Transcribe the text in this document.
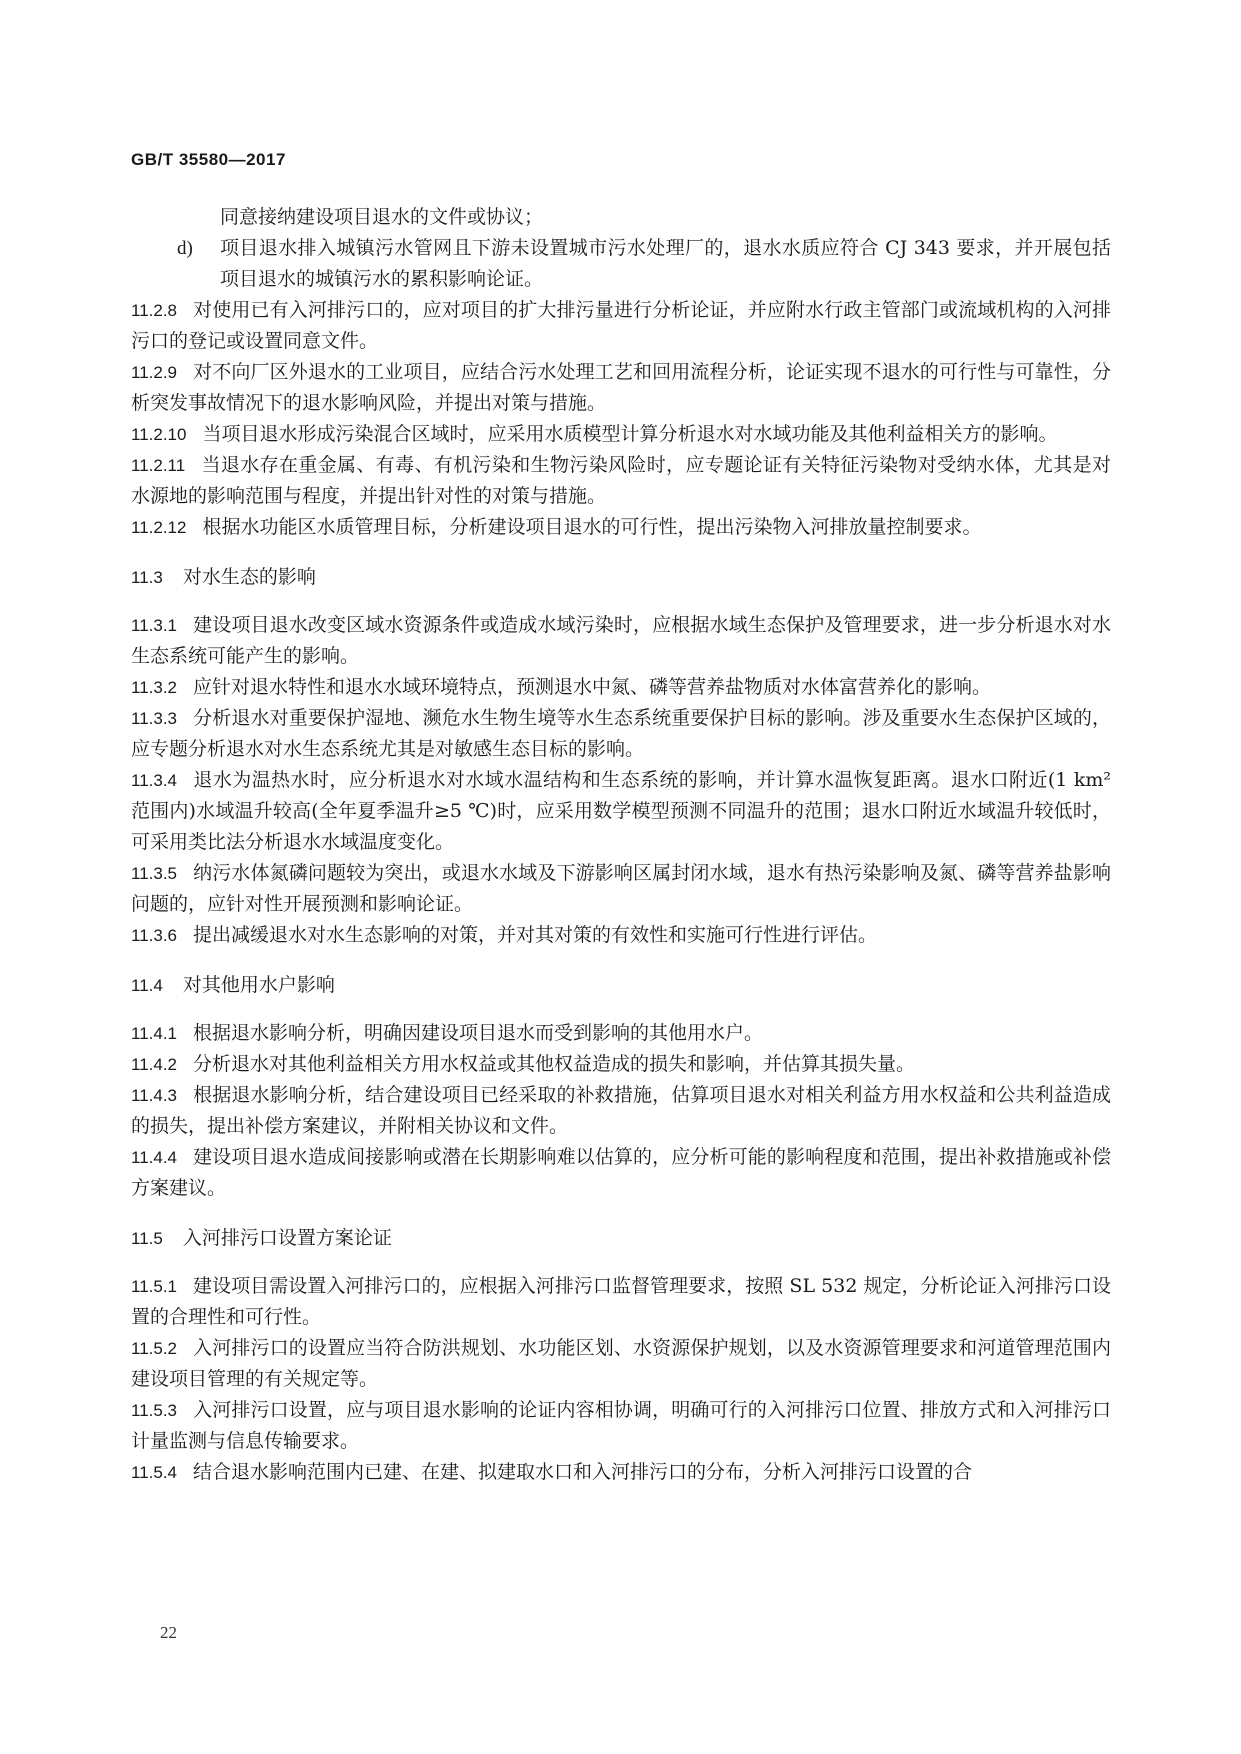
GB/T 35580—2017

同意接纳建设项目退水的文件或协议；

d) 项目退水排入城镇污水管网且下游未设置城市污水处理厂的，退水水质应符合 CJ 343 要求，并开展包括项目退水的城镇污水的累积影响论证。

11.2.8 对使用已有入河排污口的，应对项目的扩大排污量进行分析论证，并应附水行政主管部门或流域机构的入河排污口的登记或设置同意文件。

11.2.9 对不向厂区外退水的工业项目，应结合污水处理工艺和回用流程分析，论证实现不退水的可行性与可靠性，分析突发事故情况下的退水影响风险，并提出对策与措施。

11.2.10 当项目退水形成污染混合区域时，应采用水质模型计算分析退水对水域功能及其他利益相关方的影响。

11.2.11 当退水存在重金属、有毒、有机污染和生物污染风险时，应专题论证有关特征污染物对受纳水体，尤其是对水源地的影响范围与程度，并提出针对性的对策与措施。

11.2.12 根据水功能区水质管理目标，分析建设项目退水的可行性，提出污染物入河排放量控制要求。

11.3 对水生态的影响

11.3.1 建设项目退水改变区域水资源条件或造成水域污染时，应根据水域生态保护及管理要求，进一步分析退水对水生态系统可能产生的影响。

11.3.2 应针对退水特性和退水水域环境特点，预测退水中氮、磷等营养盐物质对水体富营养化的影响。

11.3.3 分析退水对重要保护湿地、濒危水生物生境等水生态系统重要保护目标的影响。涉及重要水生态保护区域的，应专题分析退水对水生态系统尤其是对敏感生态目标的影响。

11.3.4 退水为温热水时，应分析退水对水域水温结构和生态系统的影响，并计算水温恢复距离。退水口附近(1 km² 范围内)水域温升较高(全年夏季温升≥5 ℃)时，应采用数学模型预测不同温升的范围；退水口附近水域温升较低时，可采用类比法分析退水水域温度变化。

11.3.5 纳污水体氮磷问题较为突出，或退水水域及下游影响区属封闭水域，退水有热污染影响及氮、磷等营养盐影响问题的，应针对性开展预测和影响论证。

11.3.6 提出减缓退水对水生态影响的对策，并对其对策的有效性和实施可行性进行评估。

11.4 对其他用水户影响

11.4.1 根据退水影响分析，明确因建设项目退水而受到影响的其他用水户。

11.4.2 分析退水对其他利益相关方用水权益或其他权益造成的损失和影响，并估算其损失量。

11.4.3 根据退水影响分析，结合建设项目已经采取的补救措施，估算项目退水对相关利益方用水权益和公共利益造成的损失，提出补偿方案建议，并附相关协议和文件。

11.4.4 建设项目退水造成间接影响或潜在长期影响难以估算的，应分析可能的影响程度和范围，提出补救措施或补偿方案建议。

11.5 入河排污口设置方案论证

11.5.1 建设项目需设置入河排污口的，应根据入河排污口监督管理要求，按照 SL 532 规定，分析论证入河排污口设置的合理性和可行性。

11.5.2 入河排污口的设置应当符合防洪规划、水功能区划、水资源保护规划，以及水资源管理要求和河道管理范围内建设项目管理的有关规定等。

11.5.3 入河排污口设置，应与项目退水影响的论证内容相协调，明确可行的入河排污口位置、排放方式和入河排污口计量监测与信息传输要求。

11.5.4 结合退水影响范围内已建、在建、拟建取水口和入河排污口的分布，分析入河排污口设置的合

22
